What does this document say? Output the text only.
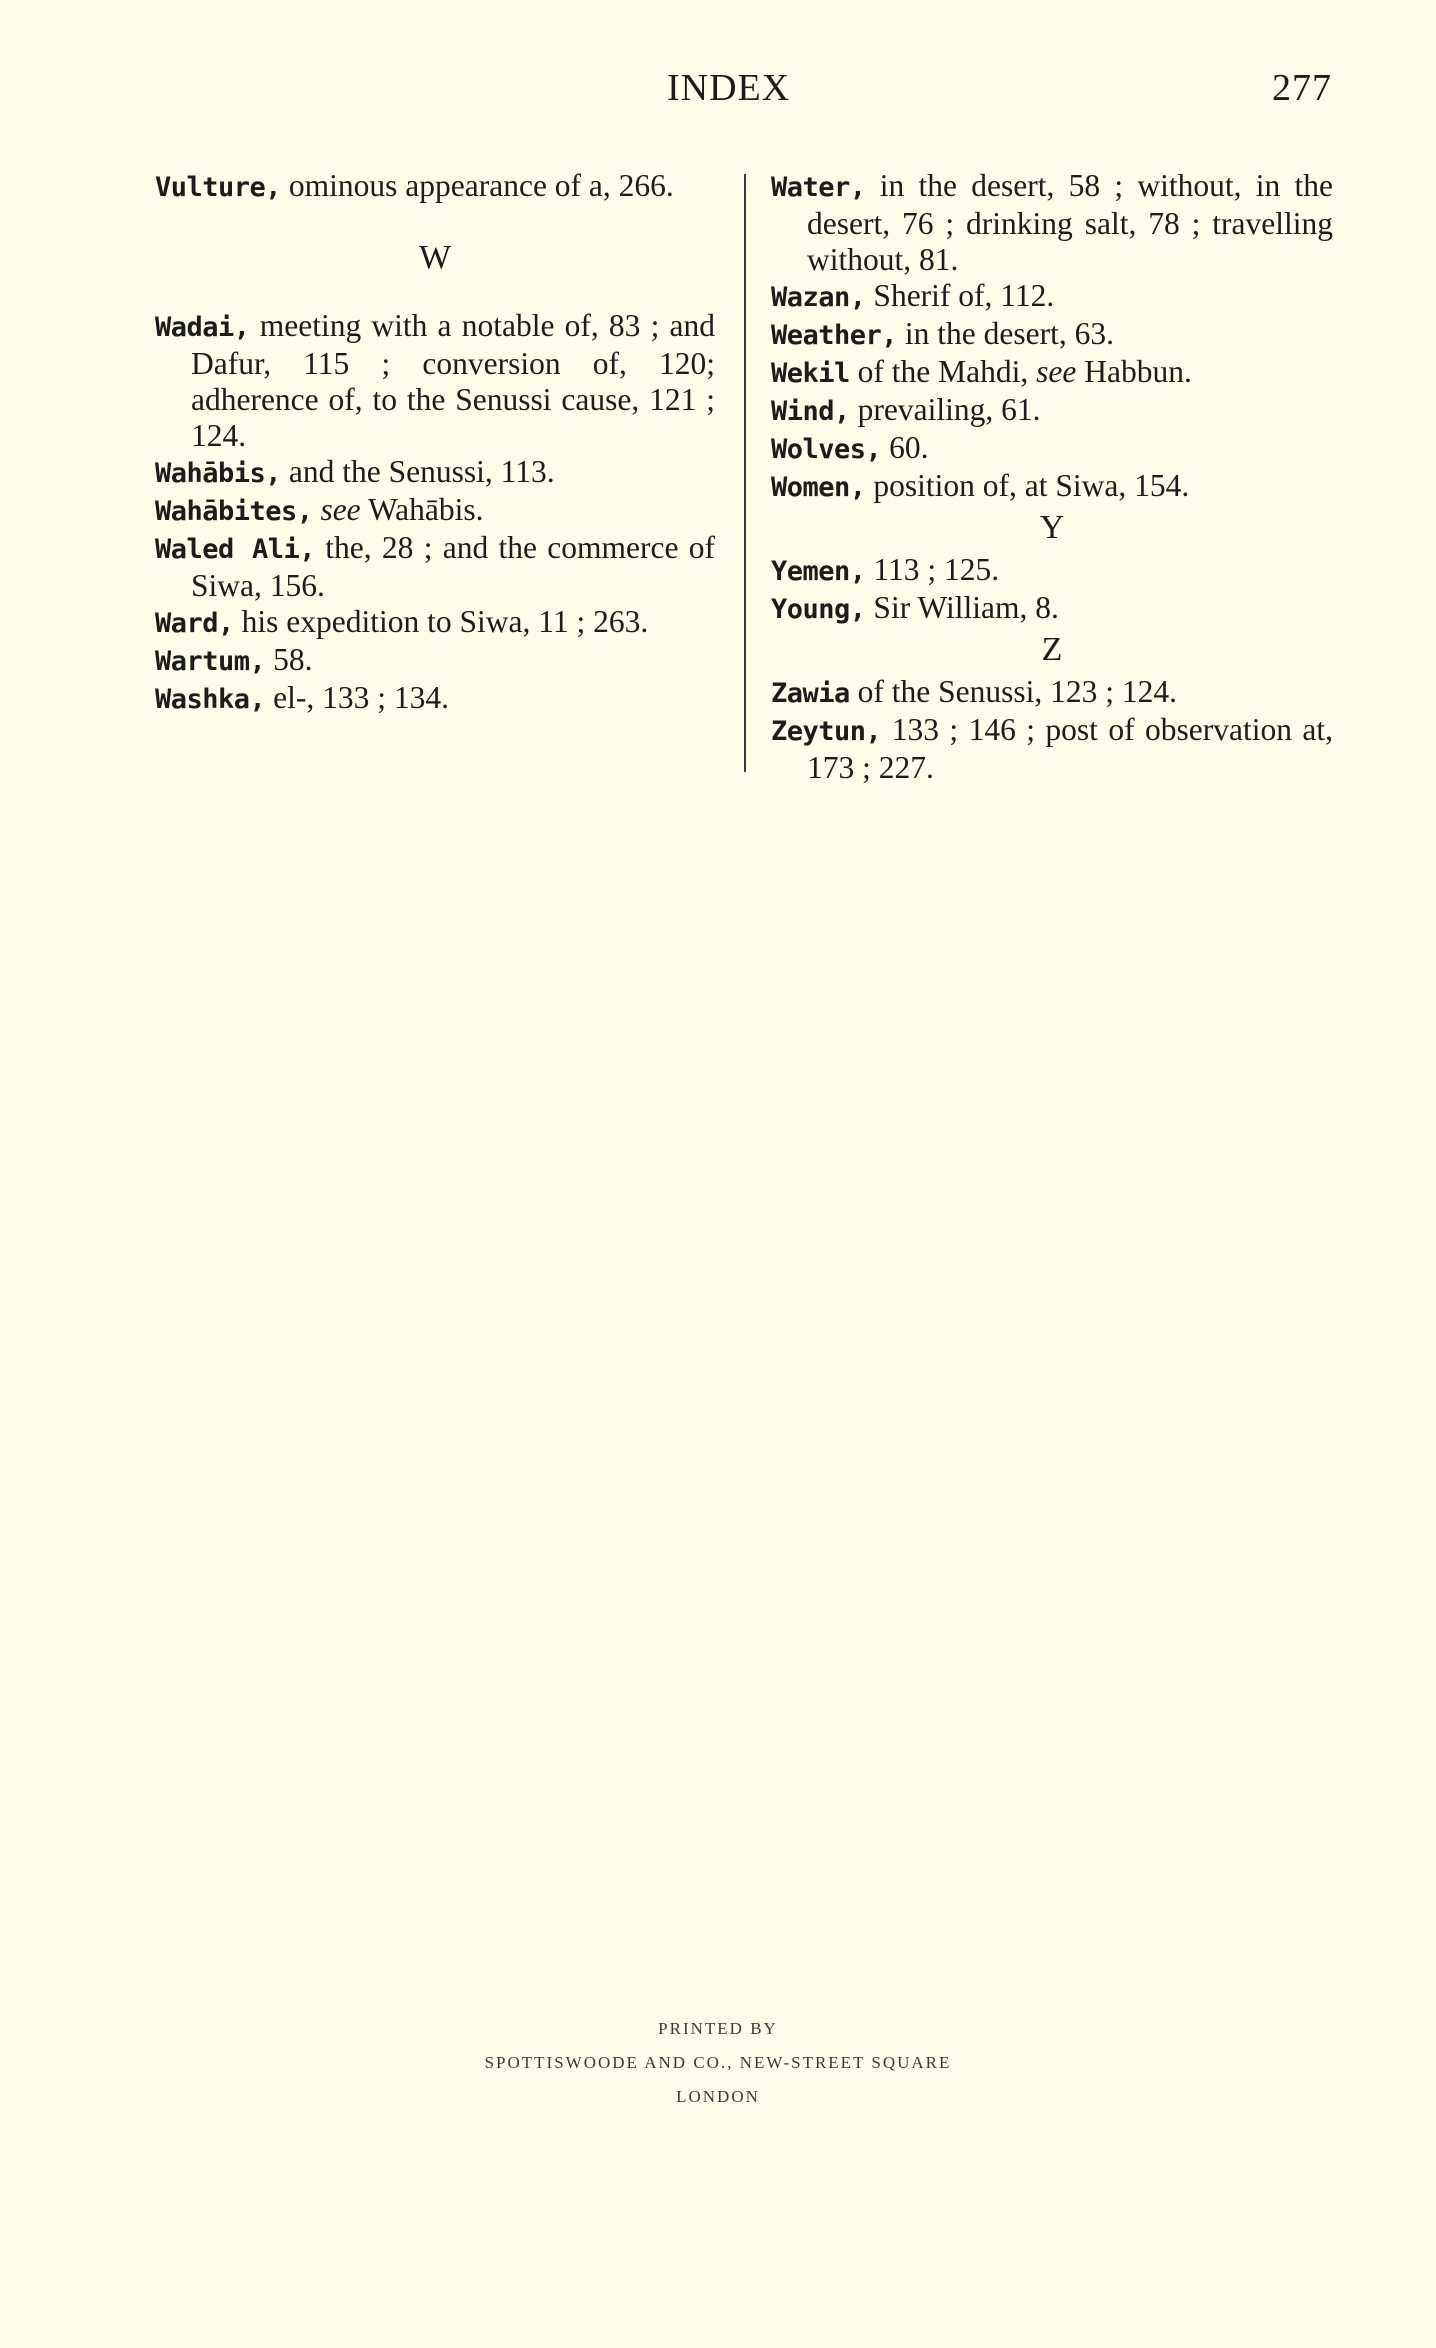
INDEX	277

Vulture, ominous appearance of a, 266.

W

Wadai, meeting with a notable of, 83 ; and Dafur, 115 ; conversion of, 120; adherence of, to the Senussi cause, 121 ; 124.

Wahābis, and the Senussi, 113.

Wahābites, see Wahābis.

Waled Ali, the, 28 ; and the commerce of Siwa, 156.

Ward, his expedition to Siwa, 11 ; 263.

Wartum, 58.

Washka, el-, 133 ; 134.

Water, in the desert, 58 ; without, in the desert, 76 ; drinking salt, 78 ; travelling without, 81.

Wazan, Sherif of, 112.

Weather, in the desert, 63.

Wekil of the Mahdi, see Habbun.

Wind, prevailing, 61.

Wolves, 60.

Women, position of, at Siwa, 154.

Y

Yemen, 113 ; 125.

Young, Sir William, 8.

Z

Zawia of the Senussi, 123 ; 124.

Zeytun, 133 ; 146 ; post of observation at, 173 ; 227.

PRINTED BY
SPOTTISWOODE AND CO., NEW-STREET SQUARE
LONDON
